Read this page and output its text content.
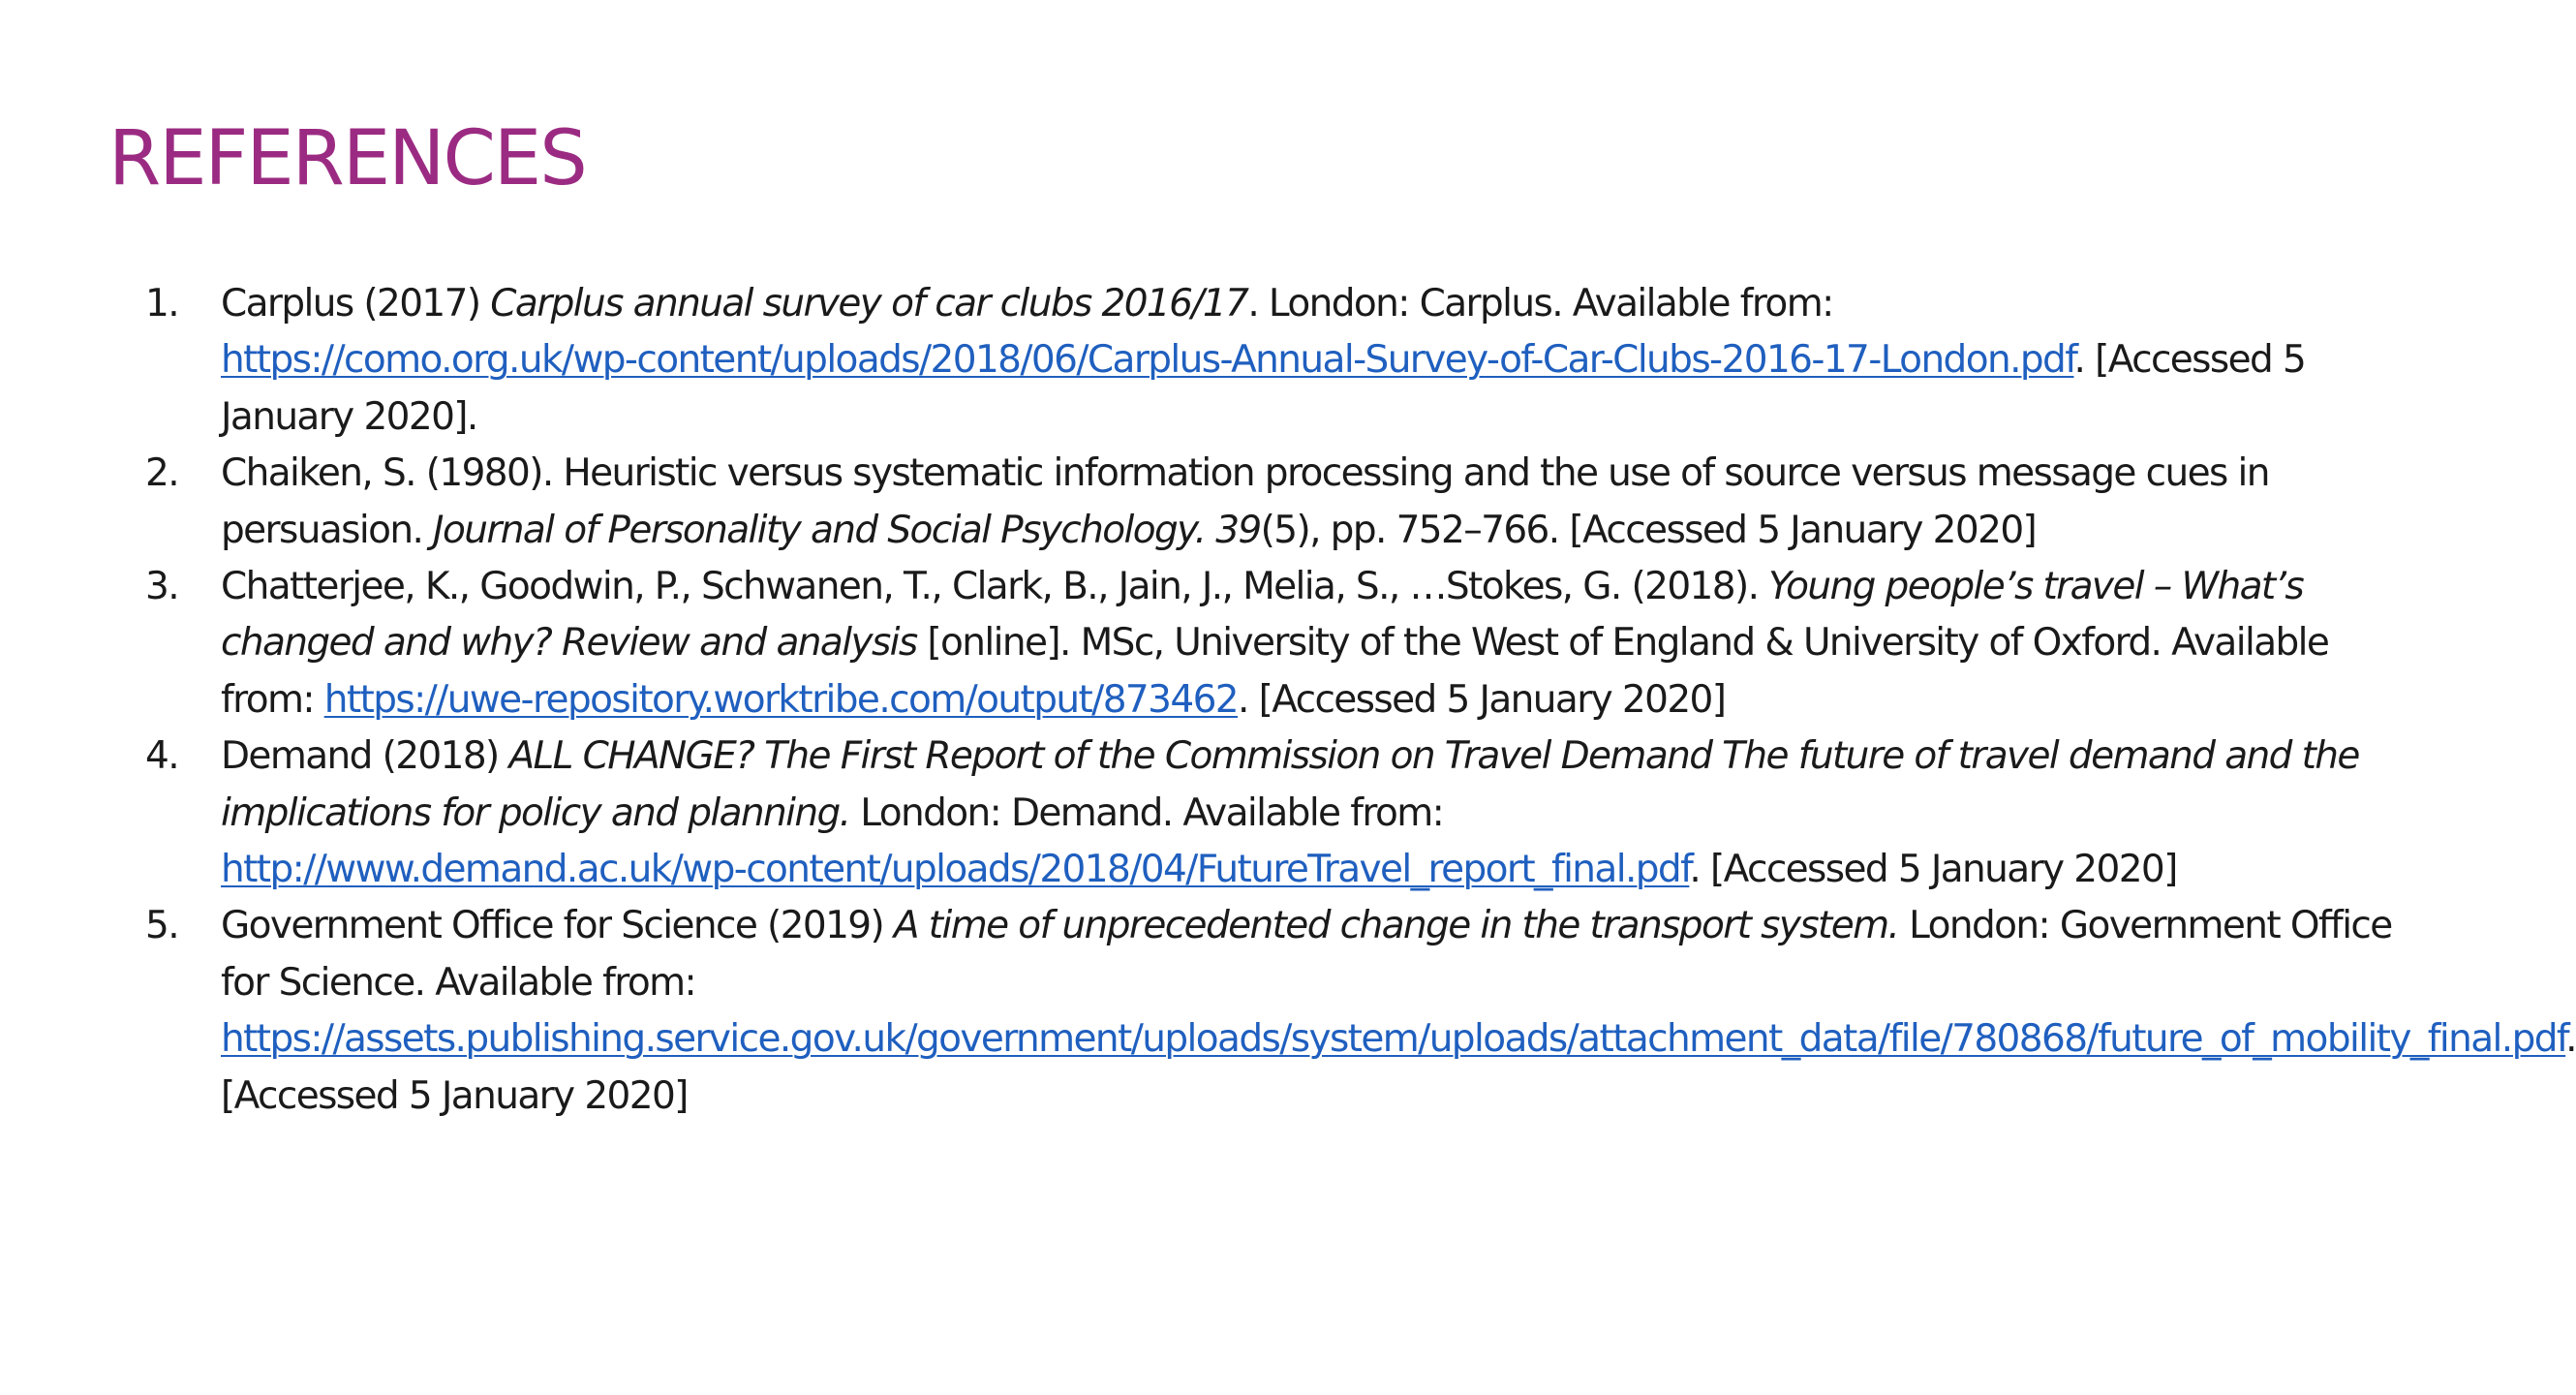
REFERENCES
1.	Carplus (2017) Carplus annual survey of car clubs 2016/17. London: Carplus. Available from:
https://como.org.uk/wp-content/uploads/2018/06/Carplus-Annual-Survey-of-Car-Clubs-2016-17-London.pdf. [Accessed 5 January 2020].
2.	Chaiken, S. (1980). Heuristic versus systematic information processing and the use of source versus message cues in persuasion. Journal of Personality and Social Psychology. 39(5), pp. 752–766. [Accessed 5 January 2020]
3.	Chatterjee, K., Goodwin, P., Schwanen, T., Clark, B., Jain, J., Melia, S., …Stokes, G. (2018). Young people’s travel – What’s changed and why? Review and analysis [online]. MSc, University of the West of England & University of Oxford. Available from: https://uwe-repository.worktribe.com/output/873462. [Accessed 5 January 2020]
4.	Demand (2018) ALL CHANGE? The First Report of the Commission on Travel Demand The future of travel demand and the implications for policy and planning. London: Demand. Available from:
http://www.demand.ac.uk/wp-content/uploads/2018/04/FutureTravel_report_final.pdf. [Accessed 5 January 2020]
5.	Government Office for Science (2019) A time of unprecedented change in the transport system. London: Government Office for Science. Available from:
https://assets.publishing.service.gov.uk/government/uploads/system/uploads/attachment_data/file/780868/future_of_mobility_final.pdf. [Accessed 5 January 2020]
